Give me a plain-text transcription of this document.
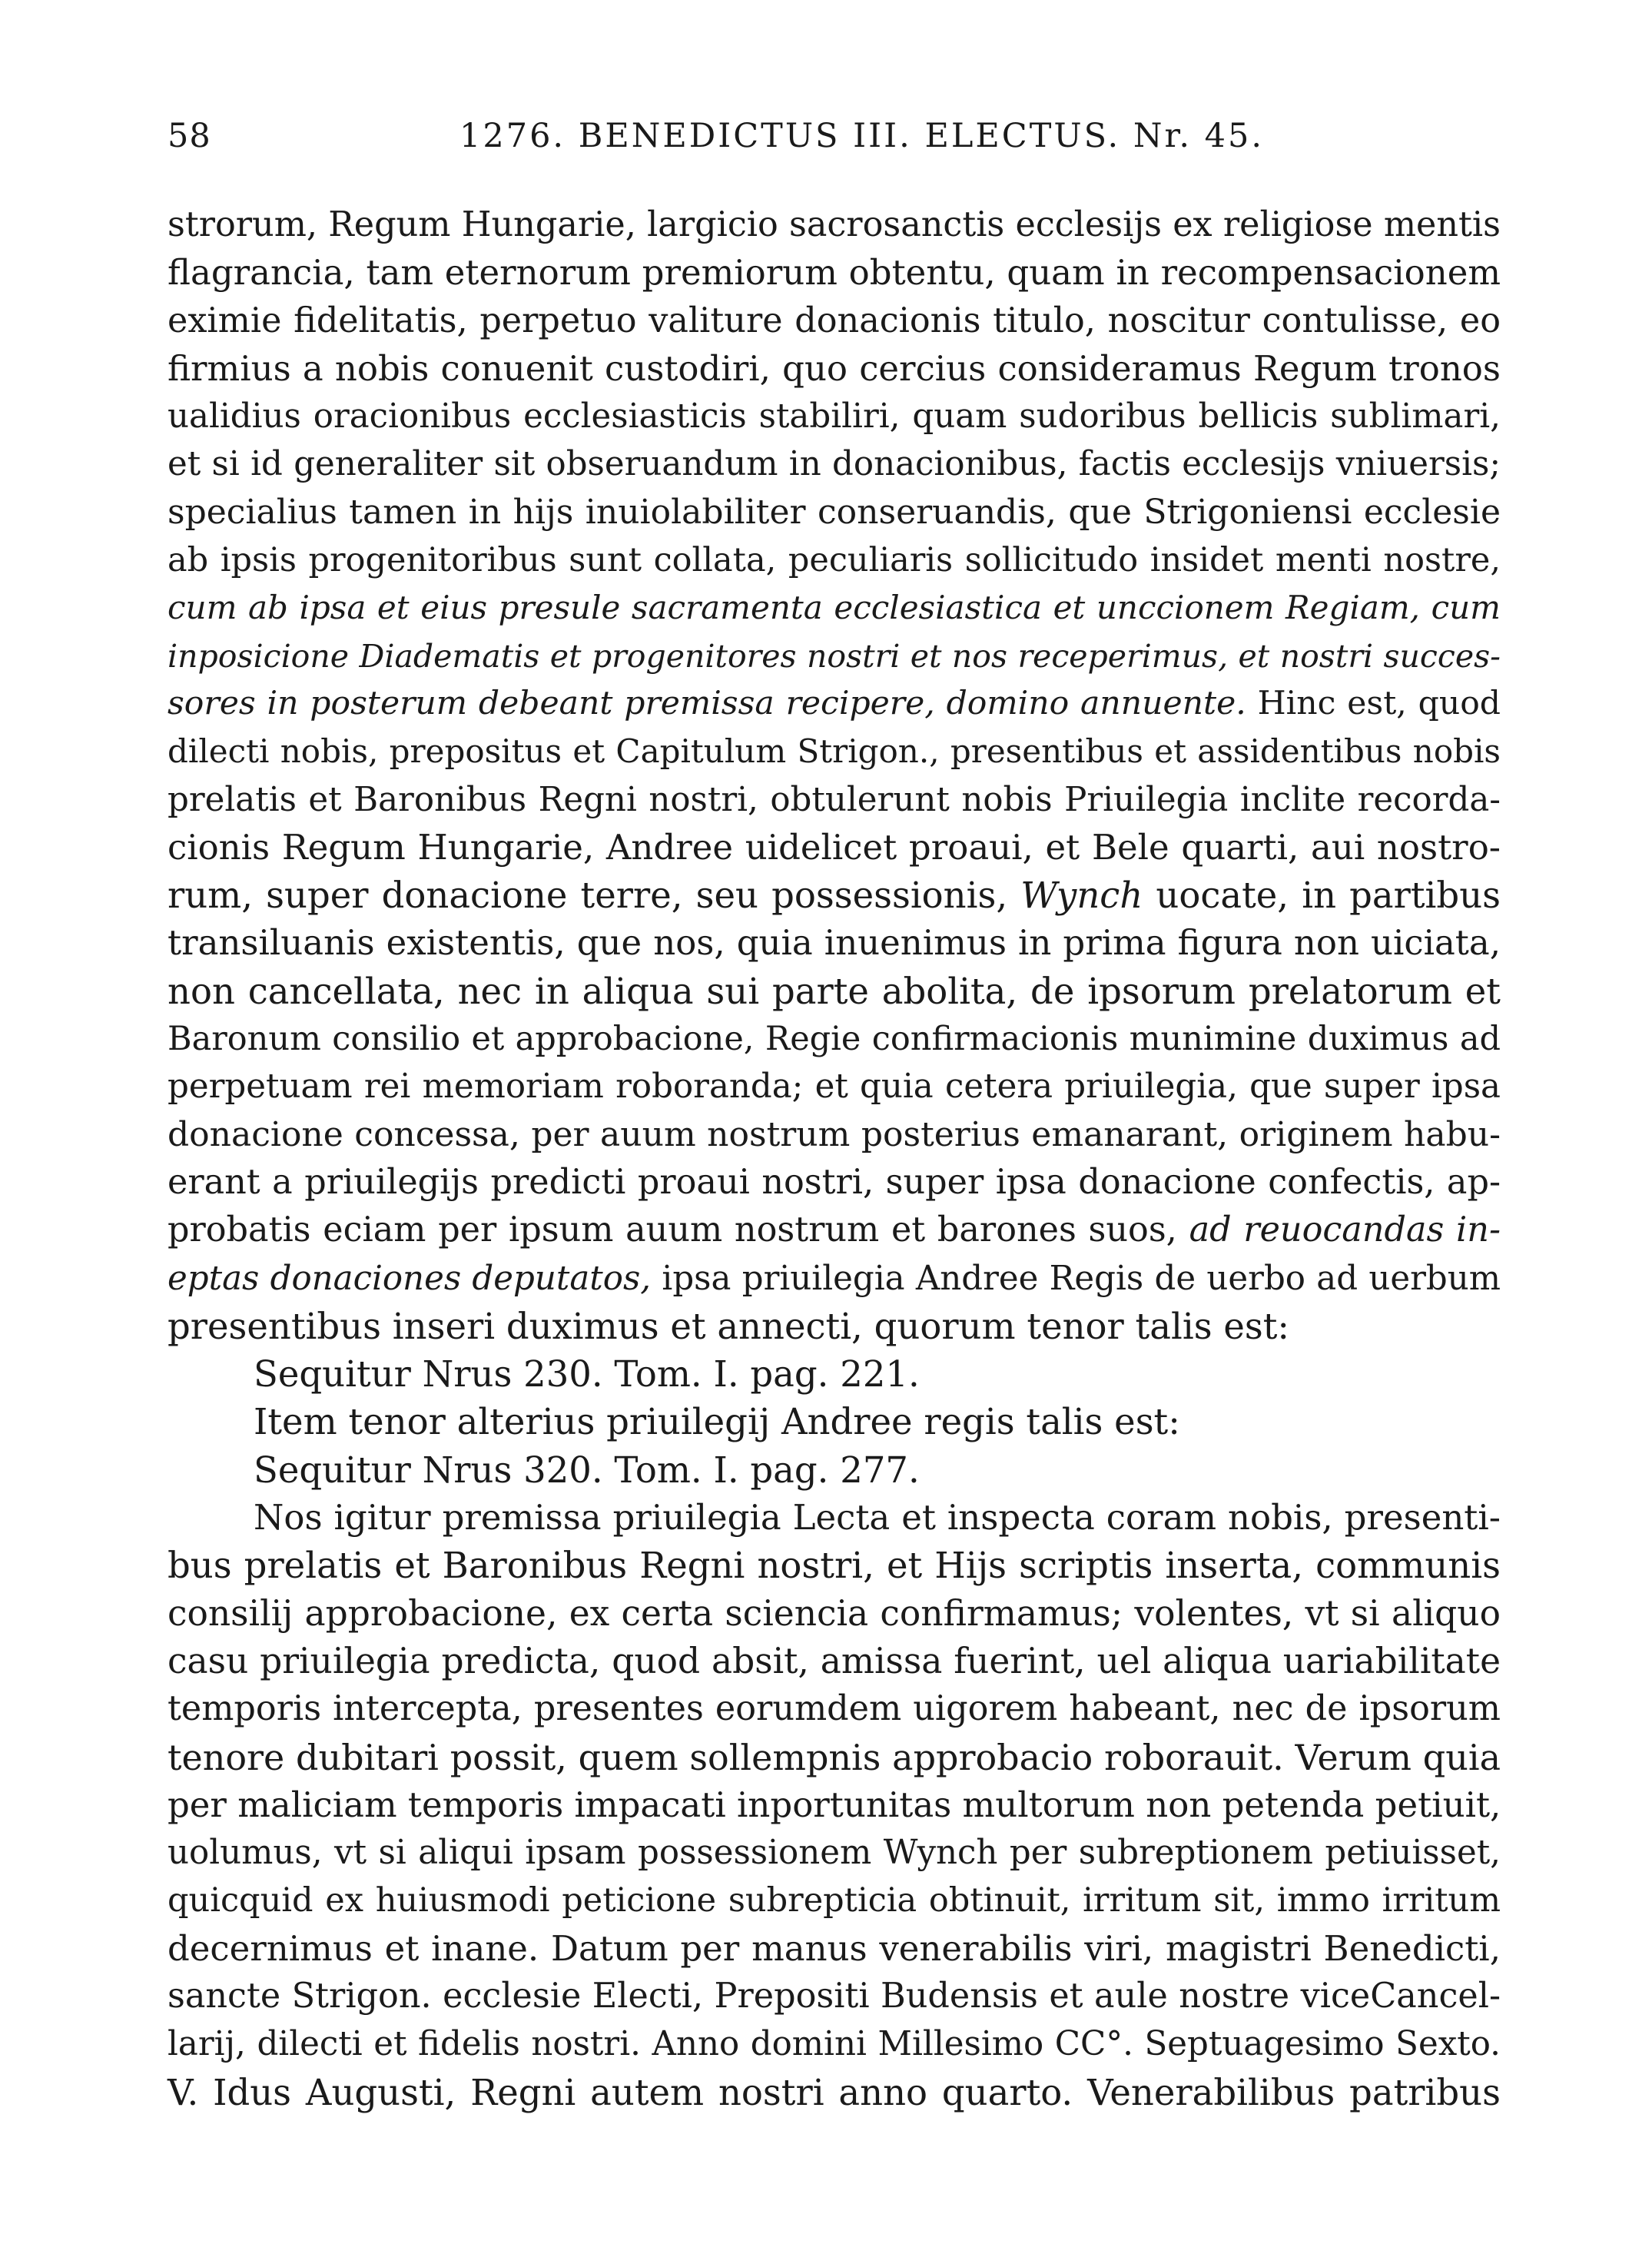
58	1276. BENEDICTUS III. ELECTUS. Nr. 45.
strorum, Regum Hungarie, largicio sacrosanctis ecclesijs ex religiose mentis
flagrancia, tam eternorum premiorum obtentu, quam in recompensacionem
eximie fidelitatis, perpetuo valiture donacionis titulo, noscitur contulisse, eo
firmius a nobis conuenit custodiri, quo cercius consideramus Regum tronos
ualidius oracionibus ecclesiasticis stabiliri, quam sudoribus bellicis sublimari,
et si id generaliter sit obseruandum in donacionibus, factis ecclesijs vniuersis;
specialius tamen in hijs inuiolabiliter conseruandis, que Strigoniensi ecclesie
ab ipsis progenitoribus sunt collata, peculiaris sollicitudo insidet menti nostre,
cum ab ipsa et eius presule sacramenta ecclesiastica et unccionem Regiam, cum
inposicione Diadematis et progenitores nostri et nos receperimus, et nostri succes-
sores in posterum debeant premissa recipere, domino annuente. Hinc est, quod
dilecti nobis, prepositus et Capitulum Strigon., presentibus et assidentibus nobis
prelatis et Baronibus Regni nostri, obtulerunt nobis Priuilegia inclite recorda-
cionis Regum Hungarie, Andree uidelicet proaui, et Bele quarti, aui nostro-
rum, super donacione terre, seu possessionis, Wynch uocate, in partibus
transiluanis existentis, que nos, quia inuenimus in prima figura non uiciata,
non cancellata, nec in aliqua sui parte abolita, de ipsorum prelatorum et
Baronum consilio et approbacione, Regie confirmacionis munimine duximus ad
perpetuam rei memoriam roboranda; et quia cetera priuilegia, que super ipsa
donacione concessa, per auum nostrum posterius emanarant, originem habu-
erant a priuilegijs predicti proaui nostri, super ipsa donacione confectis, ap-
probatis eciam per ipsum auum nostrum et barones suos, ad reuocandas in-
eptas donaciones deputatos, ipsa priuilegia Andree Regis de uerbo ad uerbum
presentibus inseri duximus et annecti, quorum tenor talis est:
Sequitur Nrus 230. Tom. I. pag. 221.
Item tenor alterius priuilegij Andree regis talis est:
Sequitur Nrus 320. Tom. I. pag. 277.
Nos igitur premissa priuilegia Lecta et inspecta coram nobis, presenti-
bus prelatis et Baronibus Regni nostri, et Hijs scriptis inserta, communis
consilij approbacione, ex certa sciencia confirmamus; volentes, vt si aliquo
casu priuilegia predicta, quod absit, amissa fuerint, uel aliqua uariabilitate
temporis intercepta, presentes eorumdem uigorem habeant, nec de ipsorum
tenore dubitari possit, quem sollempnis approbacio roborauit. Verum quia
per maliciam temporis impacati inportunitas multorum non petenda petiuit,
uolumus, vt si aliqui ipsam possessionem Wynch per subreptionem petiuisset,
quicquid ex huiusmodi peticione subrepticia obtinuit, irritum sit, immo irritum
decernimus et inane. Datum per manus venerabilis viri, magistri Benedicti,
sancte Strigon. ecclesie Electi, Prepositi Budensis et aule nostre viceCancel-
larij, dilecti et fidelis nostri. Anno domini Millesimo CC°. Septuagesimo Sexto.
V. Idus Augusti, Regni autem nostri anno quarto. Venerabilibus patribus
